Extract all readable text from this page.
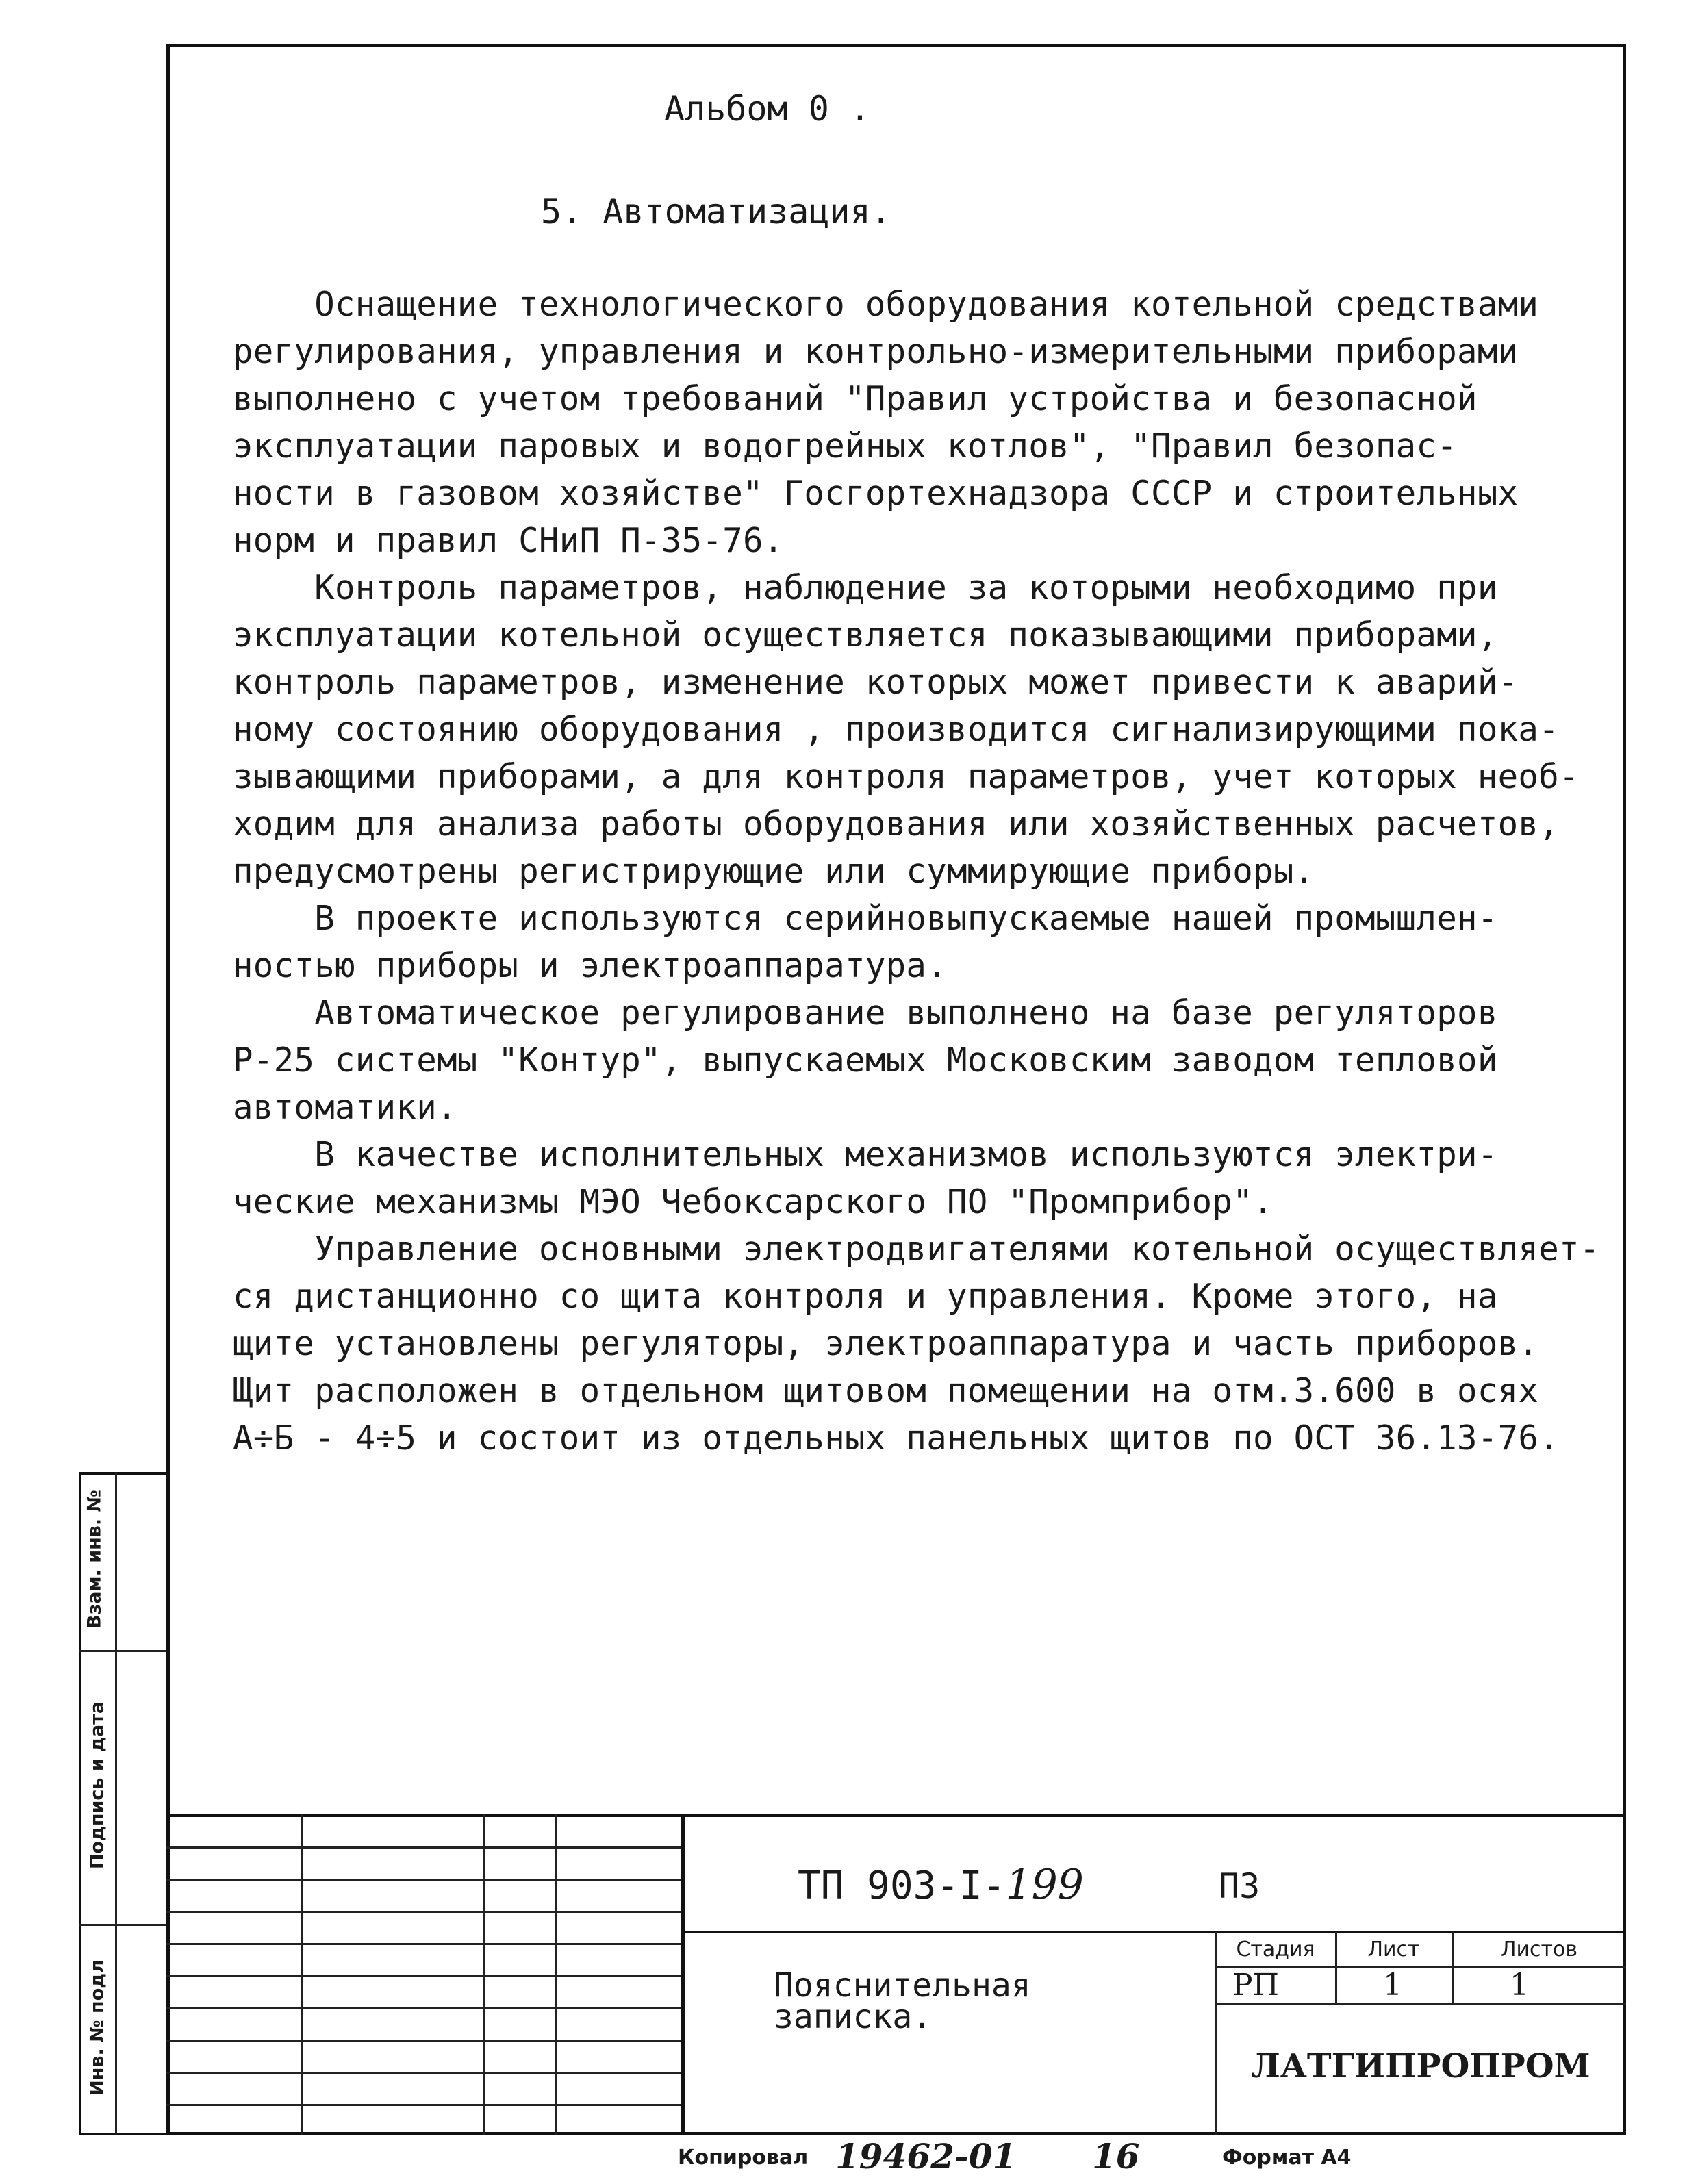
Альбом 0 .
5. Автоматизация.

Оснащение технологического оборудования котельной средствами

регулирования, управления и контрольно-измерительными приборами

выполнено с учетом требований "Правил устройства и безопасной

эксплуатации паровых и водогрейных котлов", "Правил безопас-

ности в газовом хозяйстве" Госгортехнадзора СССР и строительных

норм и правил СНиП П-35-76.

Контроль параметров, наблюдение за которыми необходимо при

эксплуатации котельной осуществляется показывающими приборами,

контроль параметров, изменение которых может привести к аварий-

ному состоянию оборудования , производится сигнализирующими пока-

зывающими приборами, а для контроля параметров, учет которых необ-

ходим для анализа работы оборудования или хозяйственных расчетов,

предусмотрены регистрирующие или суммирующие приборы.

В проекте используются серийновыпускаемые нашей промышлен-

ностью приборы и электроаппаратура.

Автоматическое регулирование выполнено на базе регуляторов

Р-25 системы "Контур", выпускаемых Московским заводом тепловой

автоматики.

В качестве исполнительных механизмов используются электри-

ческие механизмы МЭО Чебоксарского ПО "Промприбор".

Управление основными электродвигателями котельной осуществляет-

ся дистанционно со щита контроля и управления. Кроме этого, на

щите установлены регуляторы, электроаппаратура и часть приборов.

Щит расположен в отдельном щитовом помещении на отм.3.600 в осях

А÷Б - 4÷5 и состоит из отдельных панельных щитов по ОСТ 36.13-76.

Взам. инв. №
Подпись и дата
Инв. № подл
ТП 903-I-199	ПЗ
Пояснительная
записка.
Стадия	Лист	Листов
РП	1	1
ЛАТГИПРОПРОМ
Копировал 19462-01 16	Формат А4
